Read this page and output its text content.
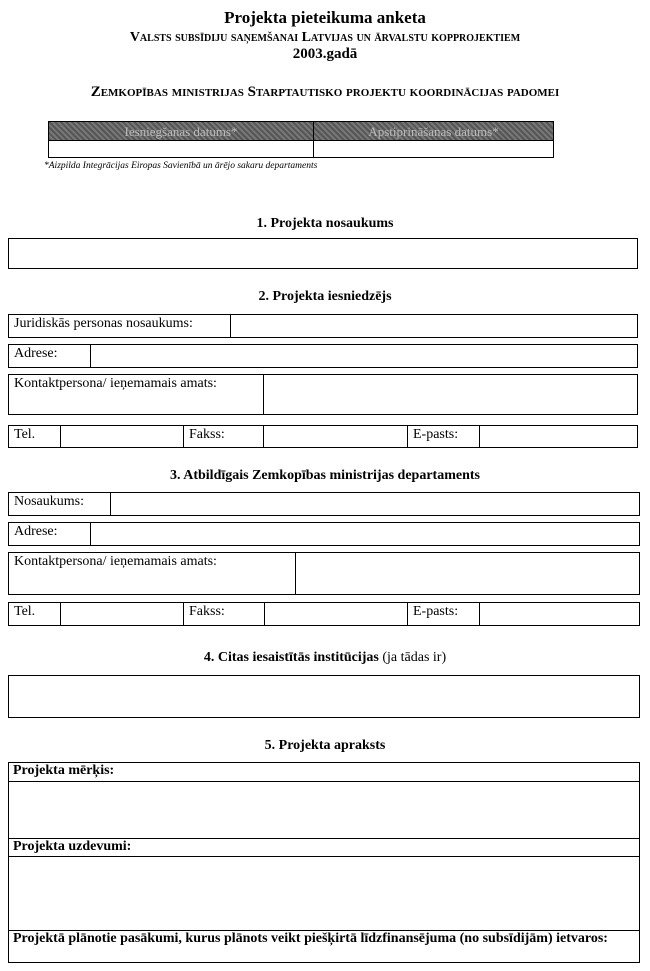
Projekta pieteikuma anketa
Valsts subsīdiju saņemšanai Latvijas un ārvalstu kopprojektiem
2003.gadā
Zemkopības ministrijas Starptautisko projektu koordinācijas padomei
Iesniegšanas datums*	Apstiprināšanas datums*
*Aizpilda Integrācijas Eiropas Savienībā un ārējo sakaru departaments
1. Projekta nosaukums
2. Projekta iesniedzējs
Juridiskās personas nosaukums:
Adrese:
Kontaktpersona/ ieņemamais amats:
Tel.	Fakss:	E-pasts:
3. Atbildīgais Zemkopības ministrijas departaments
Nosaukums:
Adrese:
Kontaktpersona/ ieņemamais amats:
Tel.	Fakss:	E-pasts:
4. Citas iesaistītās institūcijas (ja tādas ir)
5. Projekta apraksts
Projekta mērķis:
Projekta uzdevumi:
Projektā plānotie pasākumi, kurus plānots veikt piešķirtā līdzfinansējuma (no subsīdijām) ietvaros:
